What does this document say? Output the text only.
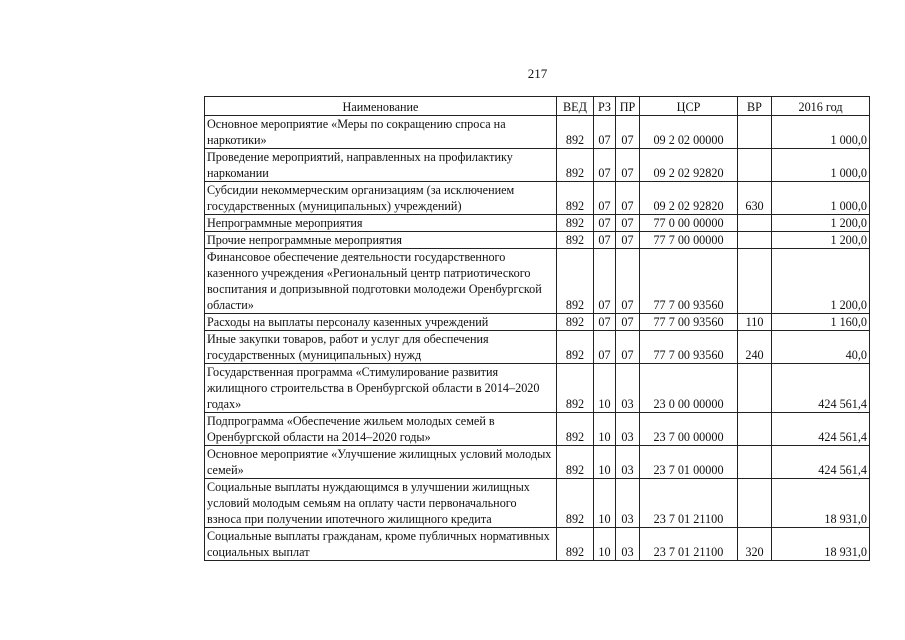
217
Наименование	ВЕД	РЗ	ПР	ЦСР	ВР	2016 год
Основное мероприятие «Меры по сокращению спроса на наркотики»	892	07	07	09 2 02 00000		1 000,0
Проведение мероприятий, направленных на профилактику наркомании	892	07	07	09 2 02 92820		1 000,0
Субсидии некоммерческим организациям (за исключением государственных (муниципальных) учреждений)	892	07	07	09 2 02 92820	630	1 000,0
Непрограммные мероприятия	892	07	07	77 0 00 00000		1 200,0
Прочие непрограммные мероприятия	892	07	07	77 7 00 00000		1 200,0
Финансовое обеспечение деятельности государственного казенного учреждения «Региональный центр патриотического воспитания и допризывной подготовки молодежи Оренбургской области»	892	07	07	77 7 00 93560		1 200,0
Расходы на выплаты персоналу казенных учреждений	892	07	07	77 7 00 93560	110	1 160,0
Иные закупки товаров, работ и услуг для обеспечения государственных (муниципальных) нужд	892	07	07	77 7 00 93560	240	40,0
Государственная программа «Стимулирование развития жилищного строительства в Оренбургской области в 2014–2020 годах»	892	10	03	23 0 00 00000		424 561,4
Подпрограмма «Обеспечение жильем молодых семей в Оренбургской области на 2014–2020 годы»	892	10	03	23 7 00 00000		424 561,4
Основное мероприятие «Улучшение жилищных условий молодых семей»	892	10	03	23 7 01 00000		424 561,4
Социальные выплаты нуждающимся в улучшении жилищных условий молодым семьям на оплату части первоначального взноса при получении ипотечного жилищного кредита	892	10	03	23 7 01 21100		18 931,0
Социальные выплаты гражданам, кроме публичных нормативных социальных выплат	892	10	03	23 7 01 21100	320	18 931,0
